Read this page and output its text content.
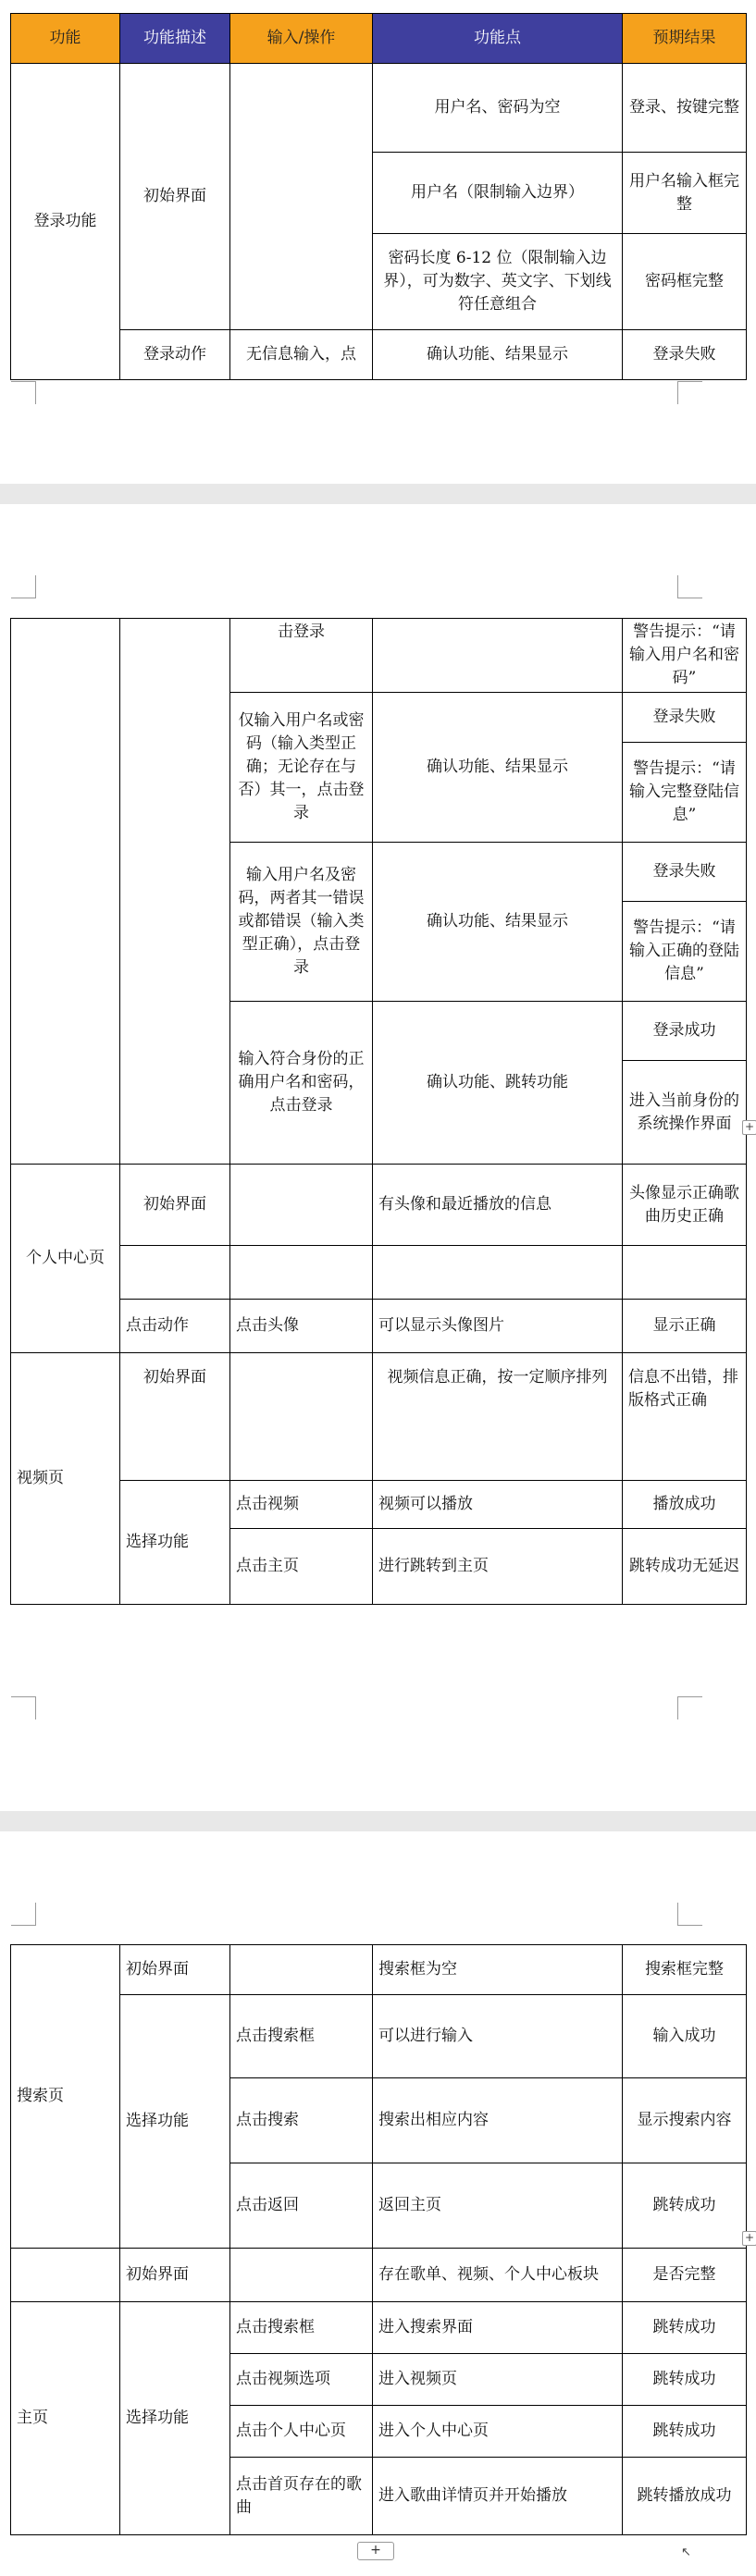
功能	功能描述	输入/操作	功能点	预期结果
登录功能	初始界面		用户名、密码为空	登录、按键完整
			用户名（限制输入边界）	用户名输入框完整
			密码长度 6-12 位（限制输入边界），可为数字、英文字、下划线符任意组合	密码框完整
	登录动作	无信息输入，点	确认功能、结果显示	登录失败
		击登录		警告提示：“请输入用户名和密码”
		仅输入用户名或密码（输入类型正确；无论存在与否）其一，点击登录	确认功能、结果显示	登录失败
				警告提示：“请输入完整登陆信息”
		输入用户名及密码，两者其一错误或都错误（输入类型正确），点击登录	确认功能、结果显示	登录失败
				警告提示：“请输入正确的登陆信息”
		输入符合身份的正确用户名和密码，点击登录	确认功能、跳转功能	登录成功
				进入当前身份的系统操作界面

个人中心页	初始界面		有头像和最近播放的信息	头像显示正确歌曲历史正确

	点击动作	点击头像	可以显示头像图片	显示正确
视频页	初始界面		视频信息正确，按一定顺序排列	信息不出错，排版格式正确
	选择功能	点击视频	视频可以播放	播放成功
		点击主页	进行跳转到主页	跳转成功无延迟
+
搜索页	初始界面		搜索框为空	搜索框完整
	选择功能	点击搜索框	可以进行输入	输入成功
		点击搜索	搜索出相应内容	显示搜索内容
		点击返回	返回主页	跳转成功
	初始界面		存在歌单、视频、个人中心板块	是否完整
主页	选择功能	点击搜索框	进入搜索界面	跳转成功
		点击视频选项	进入视频页	跳转成功
		点击个人中心页	进入个人中心页	跳转成功
		点击首页存在的歌曲	进入歌曲详情页并开始播放	跳转播放成功
+
+	↖
